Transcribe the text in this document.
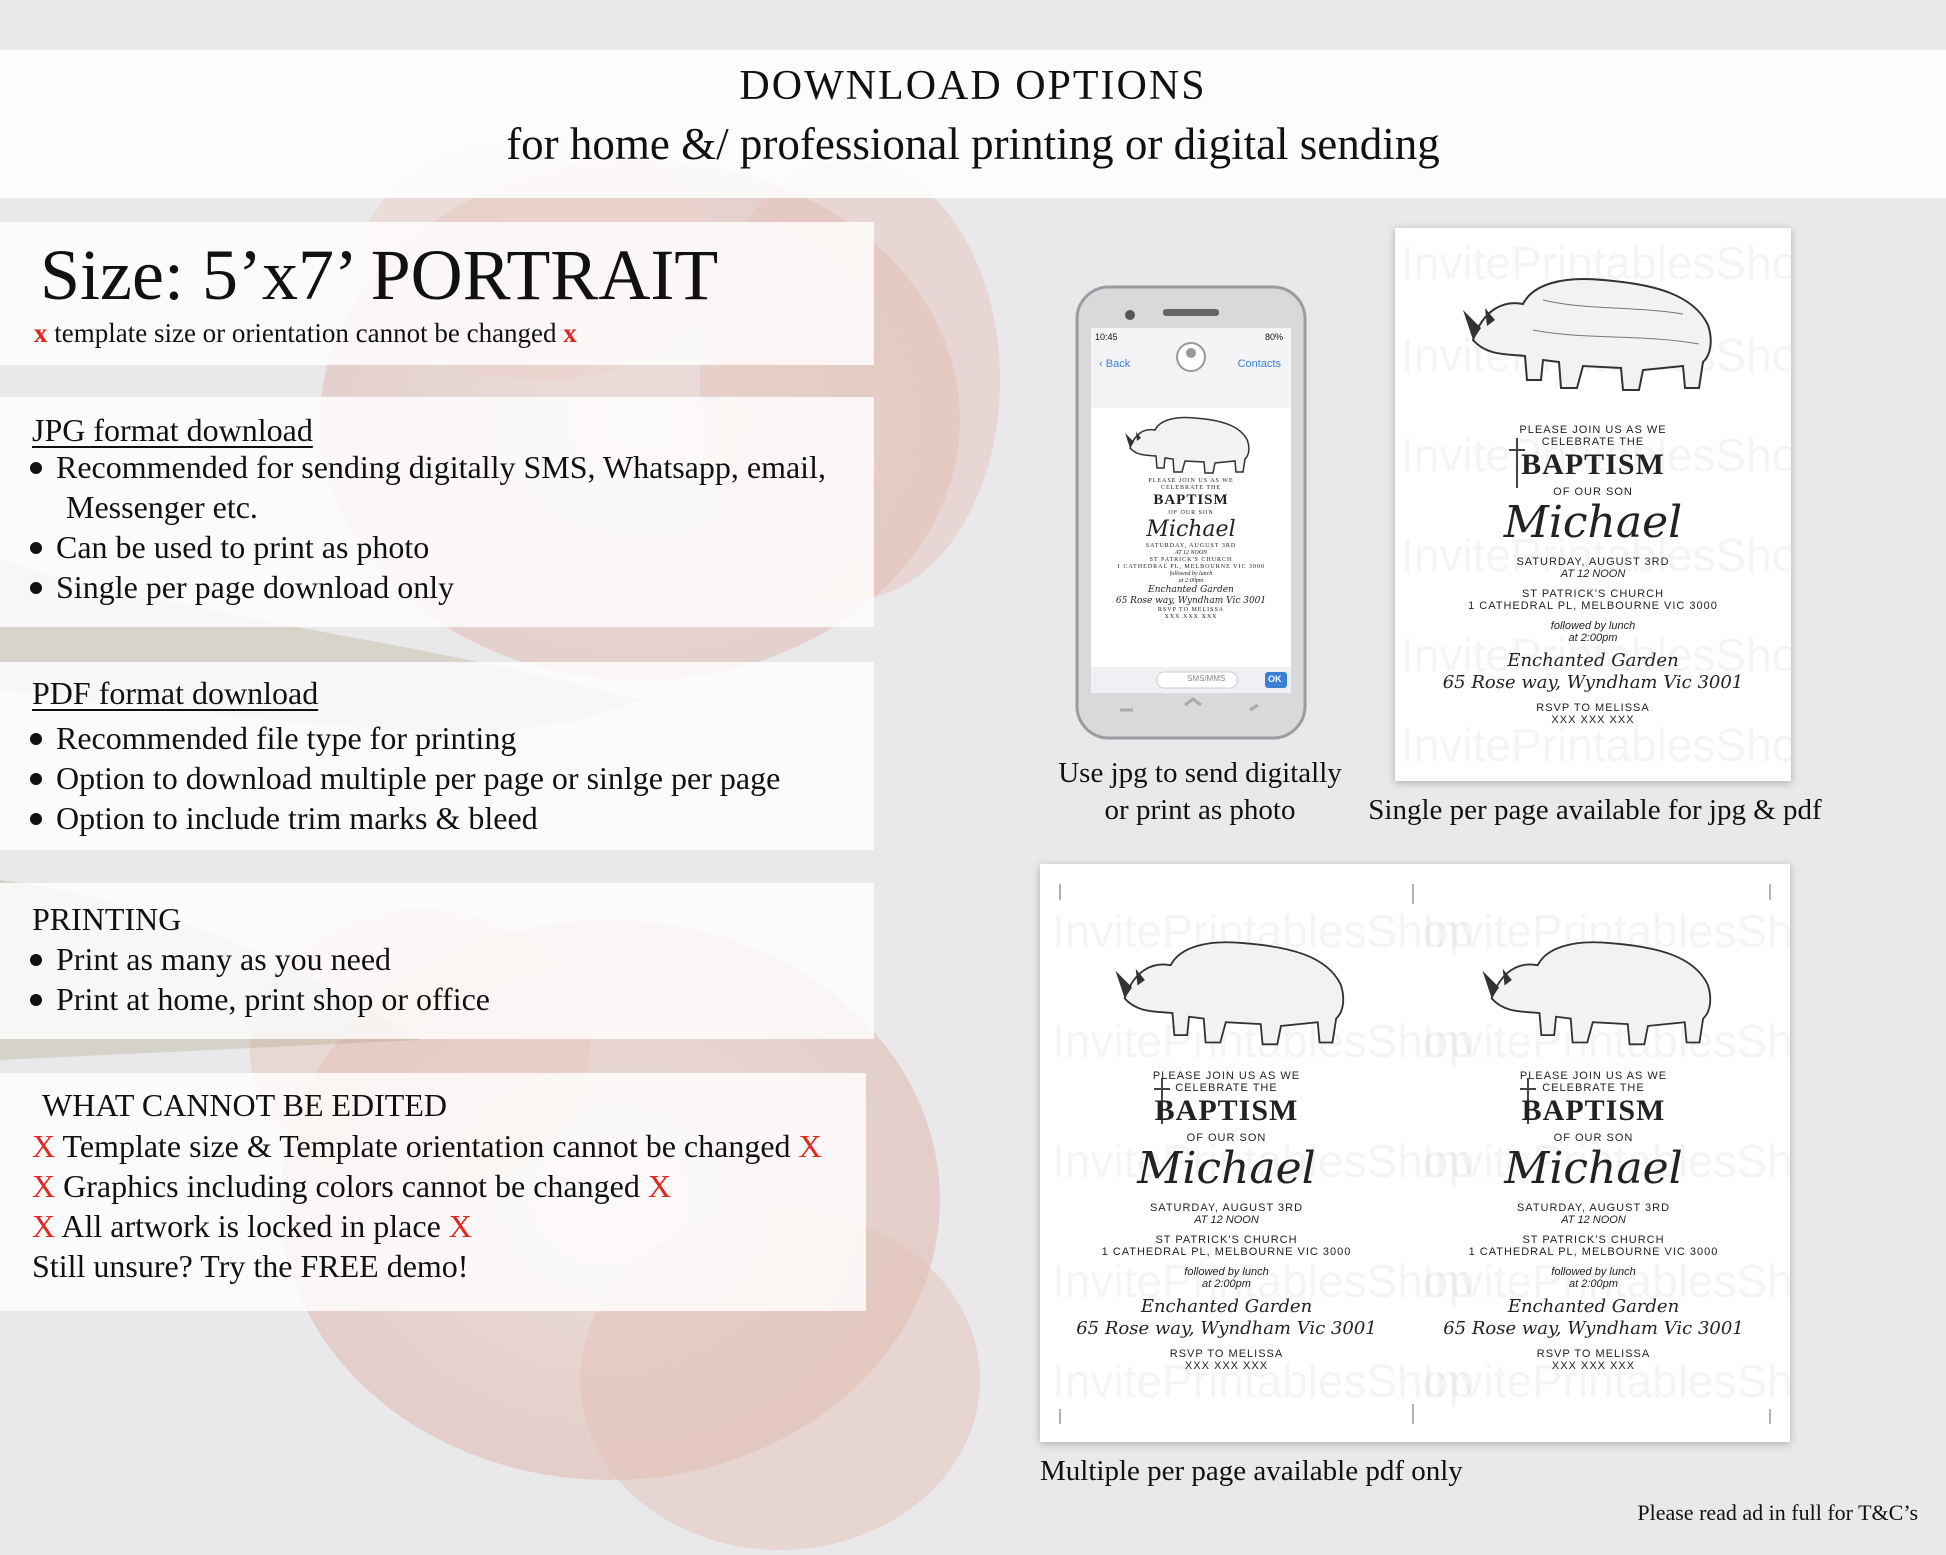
DOWNLOAD OPTIONS
for home &/ professional printing or digital sending
Size: 5’x7’ PORTRAIT
x template size or orientation cannot be changed x
JPG format download
Recommended for sending digitally SMS, Whatsapp, email,
Messenger etc.
Can be used to print as photo
Single per page download only
PDF format download
Recommended file type for printing
Option to download multiple per page or sinlge per page
Option to include trim marks & bleed
PRINTING
Print as many as you need
Print at home, print shop or office
WHAT CANNOT BE EDITED
X Template size & Template orientation cannot be changed X
X Graphics including colors cannot be changed X
X All artwork is locked in place X
Still unsure? Try the FREE demo!
10:45	80%
‹ Back	Contacts
SMS/MMS	OK
PLEASE JOIN US AS WE
CELEBRATE THE
BAPTISM
OF OUR SON
Michael
SATURDAY, AUGUST 3RD
AT 12 NOON
ST PATRICK'S CHURCH
1 CATHEDRAL PL, MELBOURNE VIC 3000
followed by lunch
at 2:00pm
Enchanted Garden
65 Rose way, Wyndham Vic 3001
RSVP TO MELISSA
XXX XXX XXX
Use jpg to send digitally
or print as photo
PLEASE JOIN US AS WE
CELEBRATE THE
BAPTISM
OF OUR SON
Michael
SATURDAY, AUGUST 3RD
AT 12 NOON
ST PATRICK'S CHURCH
1 CATHEDRAL PL, MELBOURNE VIC 3000
followed by lunch
at 2:00pm
Enchanted Garden
65 Rose way, Wyndham Vic 3001
RSVP TO MELISSA
XXX XXX XXX
Single per page available for jpg & pdf
PLEASE JOIN US AS WE
CELEBRATE THE
BAPTISM
OF OUR SON
Michael
SATURDAY, AUGUST 3RD
AT 12 NOON
ST PATRICK'S CHURCH
1 CATHEDRAL PL, MELBOURNE VIC 3000
followed by lunch
at 2:00pm
Enchanted Garden
65 Rose way, Wyndham Vic 3001
RSVP TO MELISSA
XXX XXX XXX
PLEASE JOIN US AS WE
CELEBRATE THE
BAPTISM
OF OUR SON
Michael
SATURDAY, AUGUST 3RD
AT 12 NOON
ST PATRICK'S CHURCH
1 CATHEDRAL PL, MELBOURNE VIC 3000
followed by lunch
at 2:00pm
Enchanted Garden
65 Rose way, Wyndham Vic 3001
RSVP TO MELISSA
XXX XXX XXX
Multiple per page available pdf only
Please read ad in full for T&C’s
